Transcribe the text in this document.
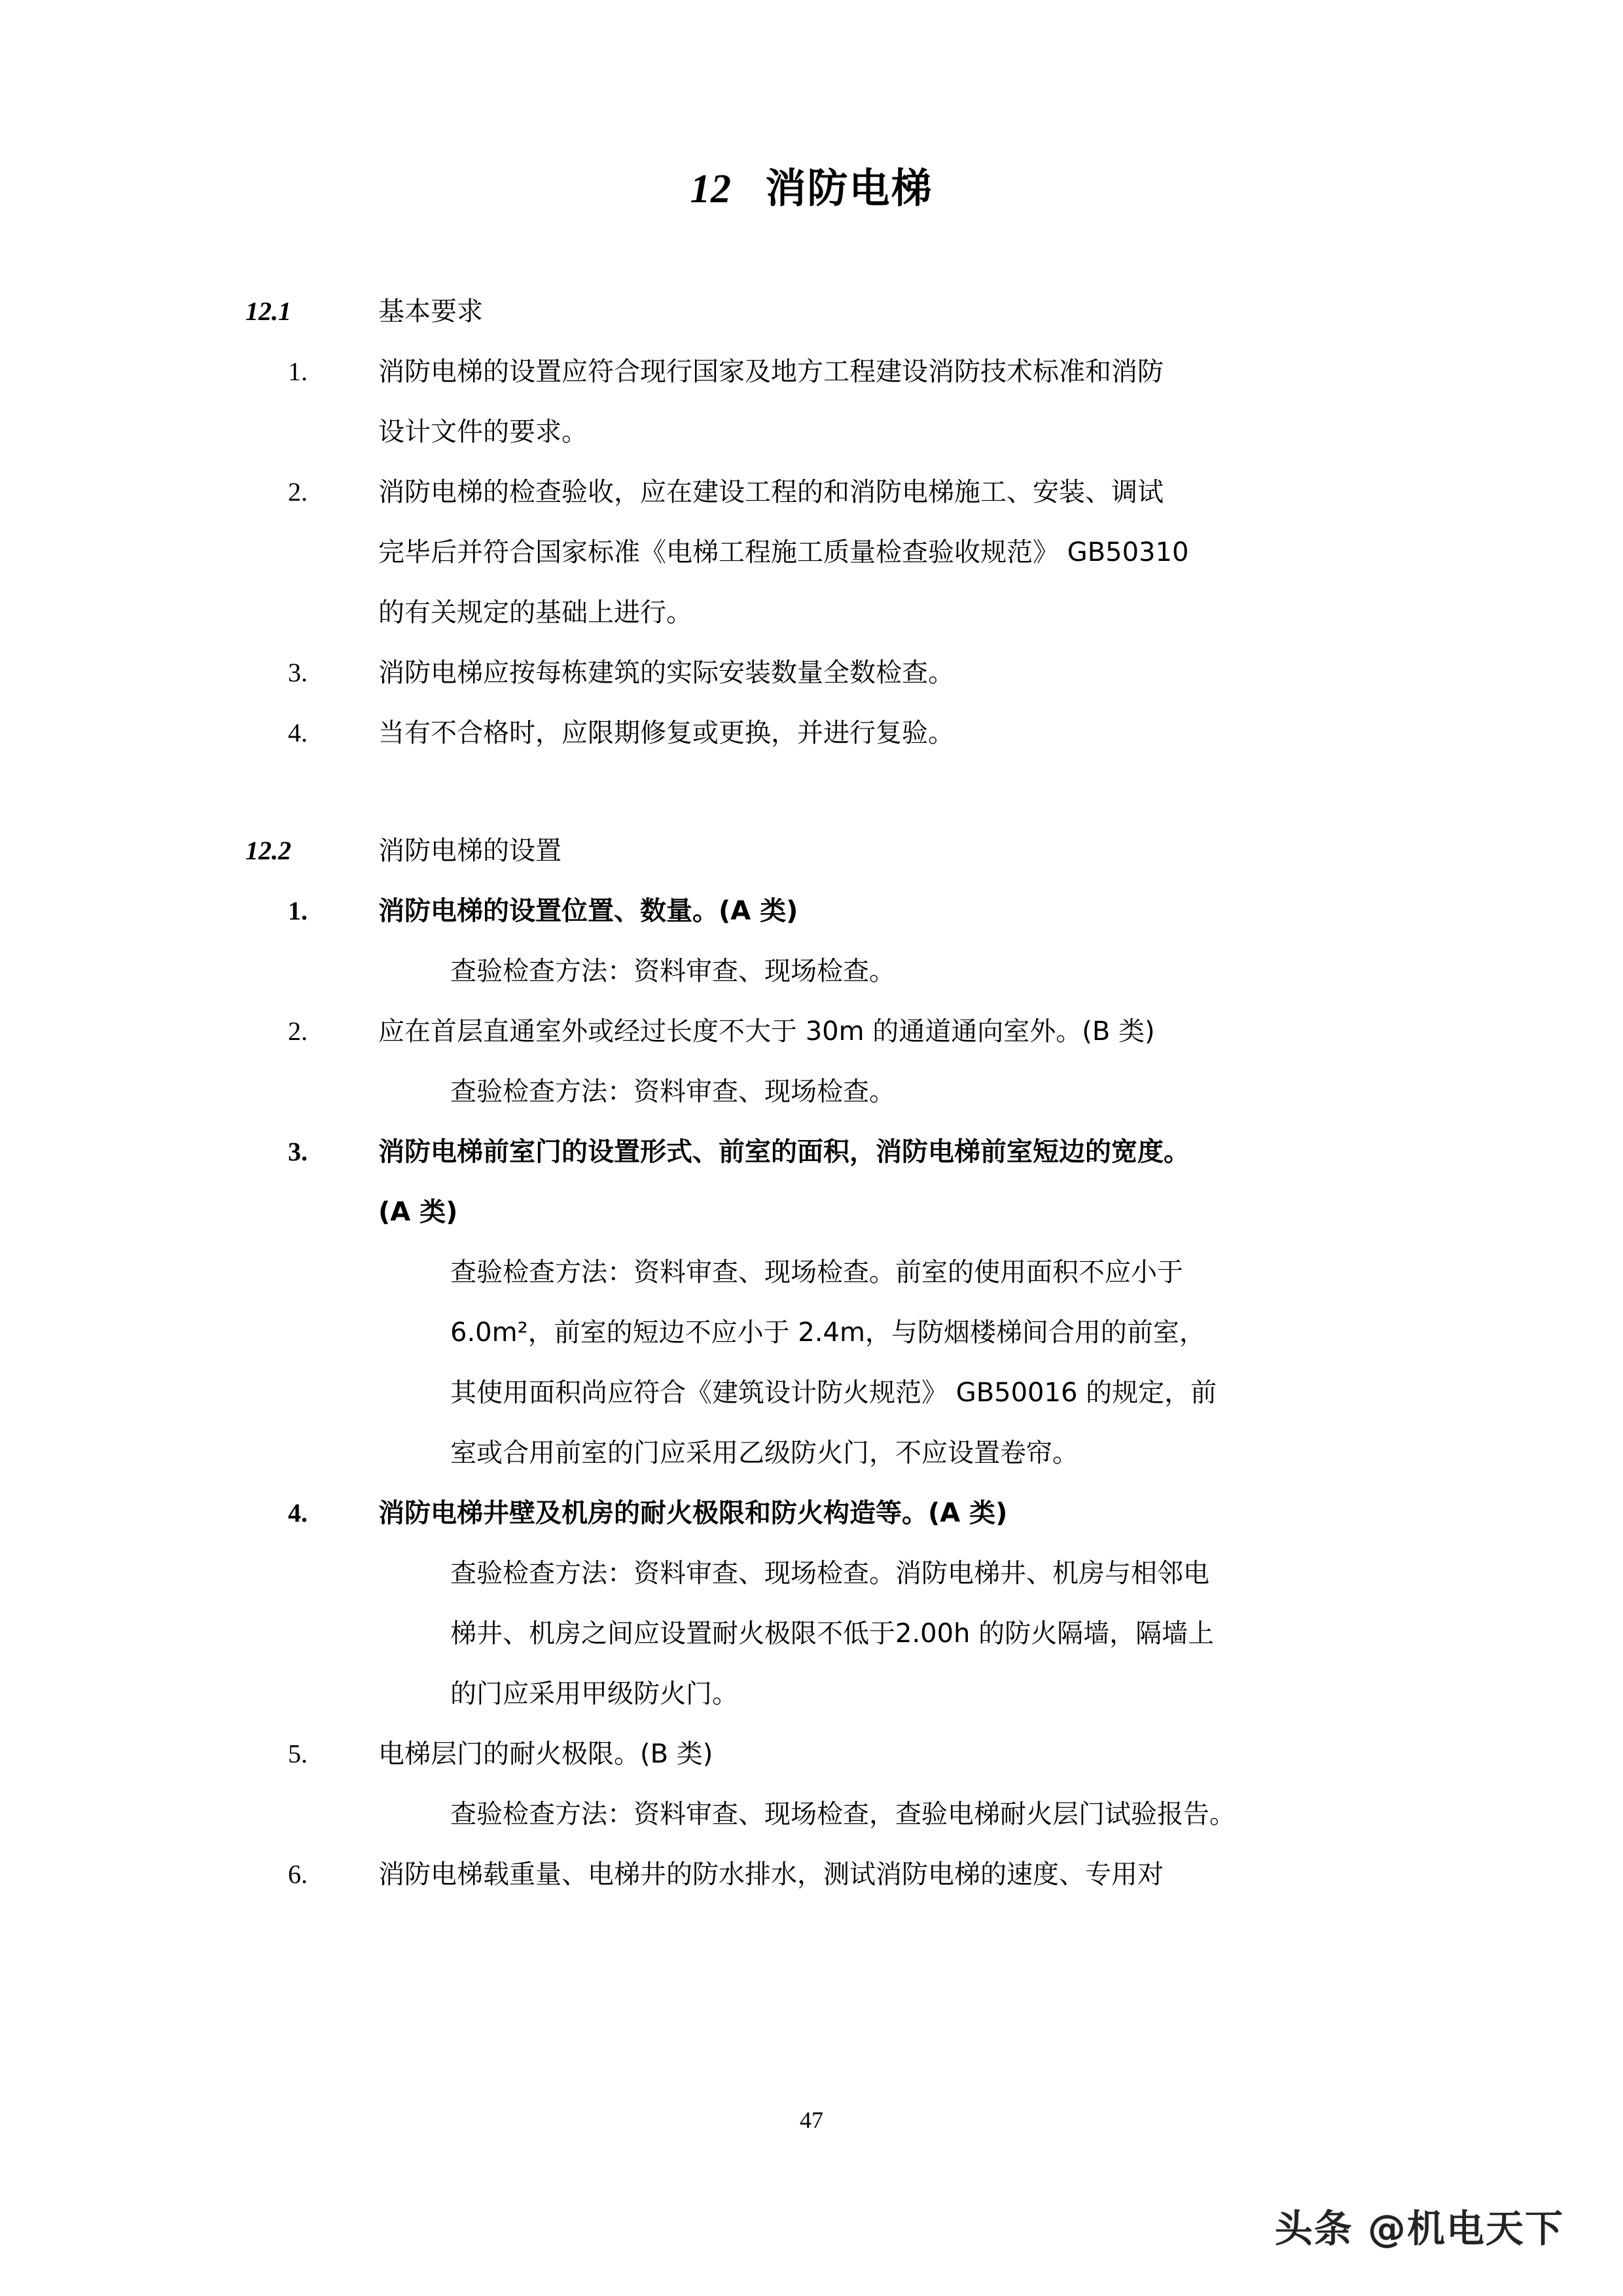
12 消防电梯
12.1	基本要求
1.	消防电梯的设置应符合现行国家及地方工程建设消防技术标准和消防
设计文件的要求。
2.	消防电梯的检查验收，应在建设工程的和消防电梯施工、安装、调试
完毕后并符合国家标准《电梯工程施工质量检查验收规范》 GB50310
的有关规定的基础上进行。
3.	消防电梯应按每栋建筑的实际安装数量全数检查。
4.	当有不合格时，应限期修复或更换，并进行复验。
12.2	消防电梯的设置
1.	消防电梯的设置位置、数量。(A 类)
查验检查方法：资料审查、现场检查。
2.	应在首层直通室外或经过长度不大于 30m 的通道通向室外。(B 类)
查验检查方法：资料审查、现场检查。
3.	消防电梯前室门的设置形式、前室的面积，消防电梯前室短边的宽度。
(A 类)
查验检查方法：资料审查、现场检查。前室的使用面积不应小于
6.0m²，前室的短边不应小于 2.4m，与防烟楼梯间合用的前室，
其使用面积尚应符合《建筑设计防火规范》 GB50016 的规定，前
室或合用前室的门应采用乙级防火门，不应设置卷帘。
4.	消防电梯井壁及机房的耐火极限和防火构造等。(A 类)
查验检查方法：资料审查、现场检查。消防电梯井、机房与相邻电
梯井、机房之间应设置耐火极限不低于2.00h 的防火隔墙，隔墙上
的门应采用甲级防火门。
5.	电梯层门的耐火极限。(B 类)
查验检查方法：资料审查、现场检查，查验电梯耐火层门试验报告。
6.	消防电梯载重量、电梯井的防水排水，测试消防电梯的速度、专用对
47
头条 @机电天下
